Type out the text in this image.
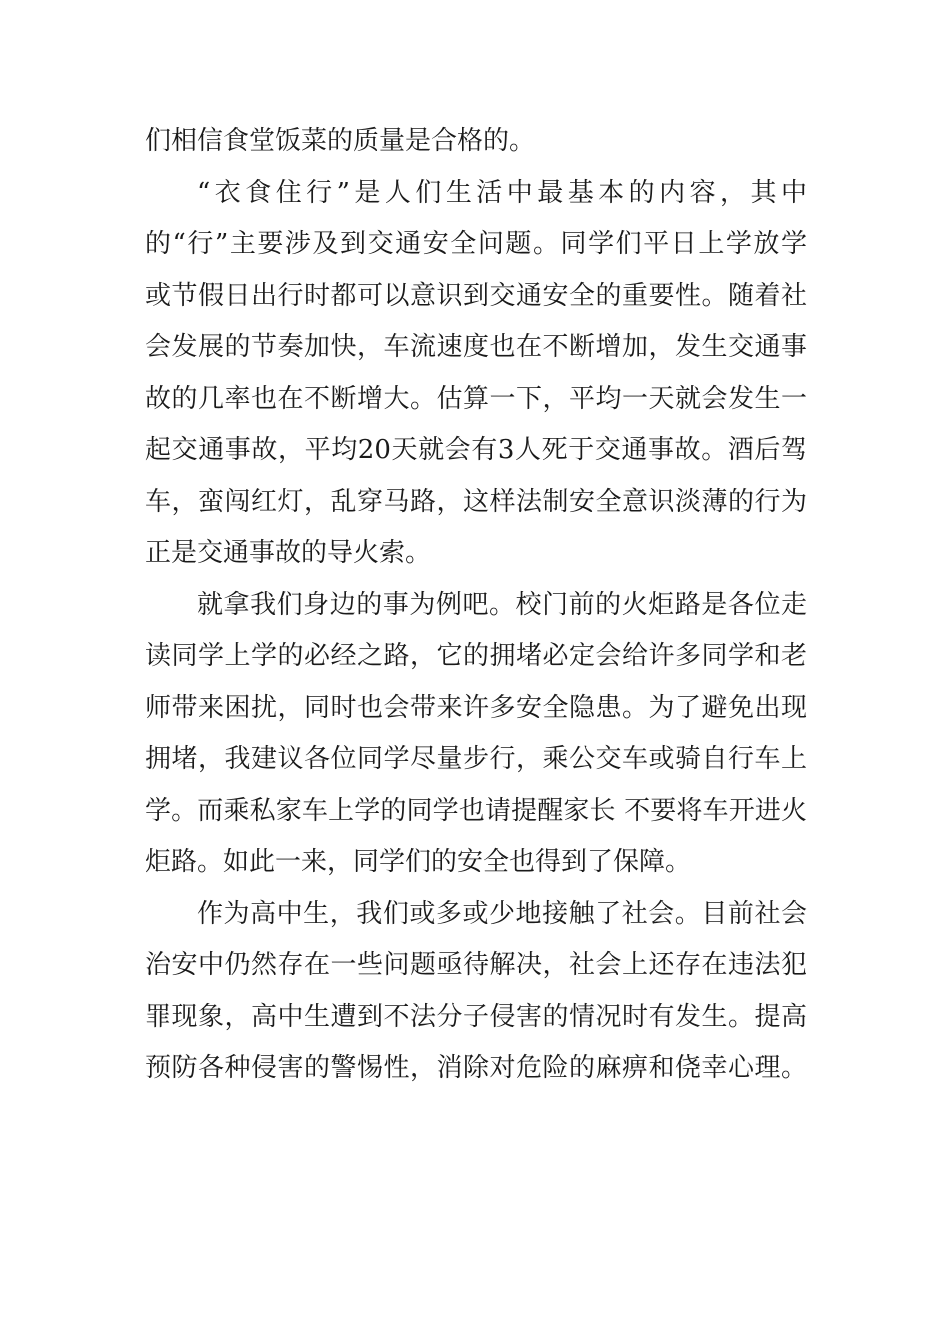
们相信食堂饭菜的质量是合格的。
“衣食住行”是人们生活中最基本的内容，其中
的“行”主要涉及到交通安全问题。同学们平日上学放学
或节假日出行时都可以意识到交通安全的重要性。随着社
会发展的节奏加快，车流速度也在不断增加，发生交通事
故的几率也在不断增大。估算一下，平均一天就会发生一
起交通事故，平均20天就会有3人死于交通事故。酒后驾
车，蛮闯红灯，乱穿马路，这样法制安全意识淡薄的行为
正是交通事故的导火索。
就拿我们身边的事为例吧。校门前的火炬路是各位走
读同学上学的必经之路，它的拥堵必定会给许多同学和老
师带来困扰，同时也会带来许多安全隐患。为了避免出现
拥堵，我建议各位同学尽量步行，乘公交车或骑自行车上
学。而乘私家车上学的同学也请提醒家长 不要将车开进火
炬路。如此一来，同学们的安全也得到了保障。
作为高中生，我们或多或少地接触了社会。目前社会
治安中仍然存在一些问题亟待解决，社会上还存在违法犯
罪现象，高中生遭到不法分子侵害的情况时有发生。提高
预防各种侵害的警惕性，消除对危险的麻痹和侥幸心理。
